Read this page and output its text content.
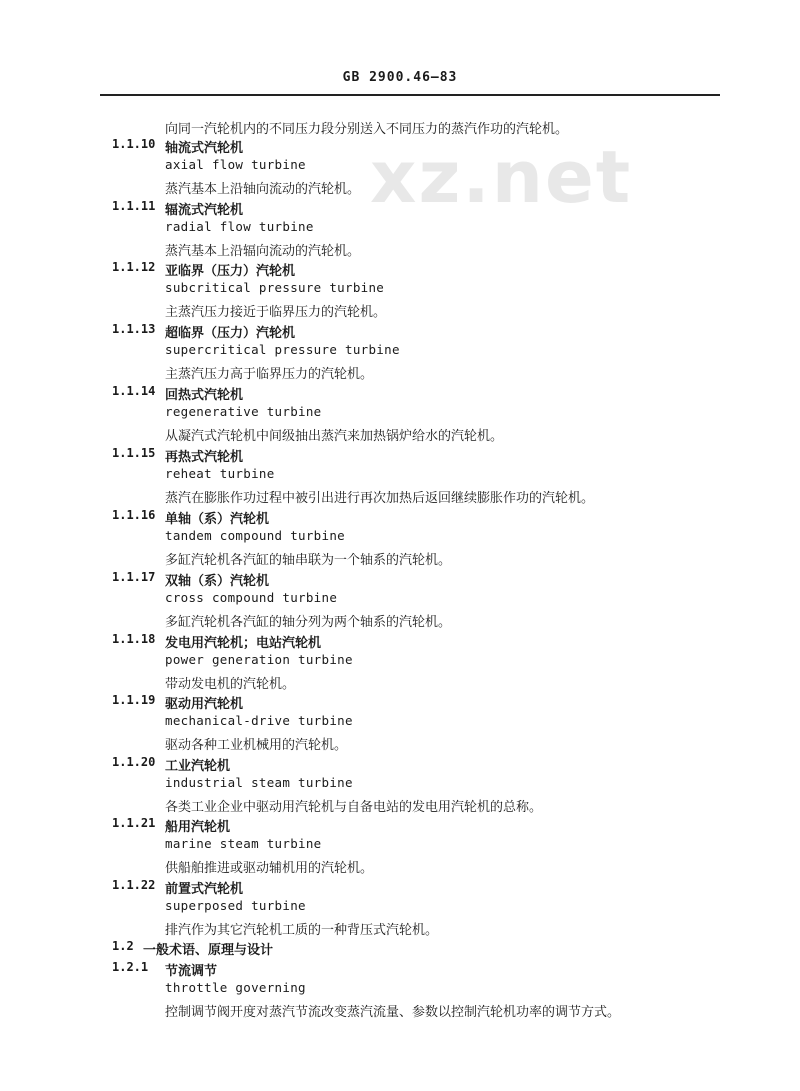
GB 2900.46—83
xz.net
向同一汽轮机内的不同压力段分别送入不同压力的蒸汽作功的汽轮机。
1.1.10 轴流式汽轮机
axial flow turbine
蒸汽基本上沿轴向流动的汽轮机。
1.1.11 辐流式汽轮机
radial flow turbine
蒸汽基本上沿辐向流动的汽轮机。
1.1.12 亚临界（压力）汽轮机
subcritical pressure turbine
主蒸汽压力接近于临界压力的汽轮机。
1.1.13 超临界（压力）汽轮机
supercritical pressure turbine
主蒸汽压力高于临界压力的汽轮机。
1.1.14 回热式汽轮机
regenerative turbine
从凝汽式汽轮机中间级抽出蒸汽来加热锅炉给水的汽轮机。
1.1.15 再热式汽轮机
reheat turbine
蒸汽在膨胀作功过程中被引出进行再次加热后返回继续膨胀作功的汽轮机。
1.1.16 单轴（系）汽轮机
tandem compound turbine
多缸汽轮机各汽缸的轴串联为一个轴系的汽轮机。
1.1.17 双轴（系）汽轮机
cross compound turbine
多缸汽轮机各汽缸的轴分列为两个轴系的汽轮机。
1.1.18 发电用汽轮机；电站汽轮机
power generation turbine
带动发电机的汽轮机。
1.1.19 驱动用汽轮机
mechanical-drive turbine
驱动各种工业机械用的汽轮机。
1.1.20 工业汽轮机
industrial steam turbine
各类工业企业中驱动用汽轮机与自备电站的发电用汽轮机的总称。
1.1.21 船用汽轮机
marine steam turbine
供船舶推进或驱动辅机用的汽轮机。
1.1.22 前置式汽轮机
superposed turbine
排汽作为其它汽轮机工质的一种背压式汽轮机。
1.2 一般术语、原理与设计
1.2.1 节流调节
throttle governing
控制调节阀开度对蒸汽节流改变蒸汽流量、参数以控制汽轮机功率的调节方式。
